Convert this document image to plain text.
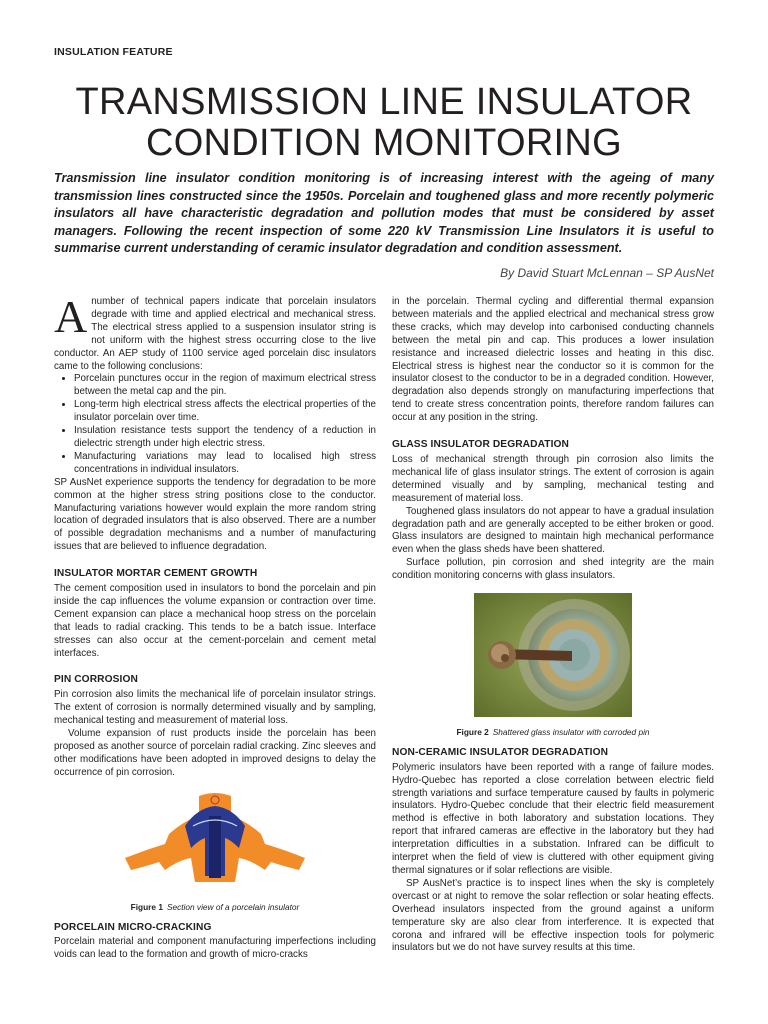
INSULATION FEATURE
TRANSMISSION LINE INSULATOR
CONDITION MONITORING

Transmission line insulator condition monitoring is of increasing interest with the ageing of many transmission lines constructed since the 1950s. Porcelain and toughened glass and more recently polymeric insulators all have characteristic degradation and pollution modes that must be considered by asset managers. Following the recent inspection of some 220 kV Transmission Line Insulators it is useful to summarise current understanding of ceramic insulator degradation and condition assessment.

By David Stuart McLennan – SP AusNet

Anumber of technical papers indicate that porcelain insulators degrade with time and applied electrical and mechanical stress. The electrical stress applied to a suspension insulator string is not uniform with the highest stress occurring close to the live conductor. An AEP study of 1100 service aged porcelain disc insulators came to the following conclusions:

• Porcelain punctures occur in the region of maximum electrical stress between the metal cap and the pin.
• Long-term high electrical stress affects the electrical properties of the insulator porcelain over time.
• Insulation resistance tests support the tendency of a reduction in dielectric strength under high electric stress.
• Manufacturing variations may lead to localised high stress concentrations in individual insulators.

SP AusNet experience supports the tendency for degradation to be more common at the higher stress string positions close to the conductor. Manufacturing variations however would explain the more random string location of degraded insulators that is also observed. There are a number of possible degradation mechanisms and a number of manufacturing issues that are believed to influence degradation.

INSULATOR MORTAR CEMENT GROWTH

The cement composition used in insulators to bond the porcelain and pin inside the cap influences the volume expansion or contraction over time. Cement expansion can place a mechanical hoop stress on the porcelain that leads to radial cracking. This tends to be a batch issue. Interface stresses can also occur at the cement-porcelain and cement metal interfaces.

PIN CORROSION

Pin corrosion also limits the mechanical life of porcelain insulator strings. The extent of corrosion is normally determined visually and by sampling, mechanical testing and measurement of material loss.

Volume expansion of rust products inside the porcelain has been proposed as another source of porcelain radial cracking. Zinc sleeves and other modifications have been adopted in improved designs to delay the occurrence of pin corrosion.

Figure 1 Section view of a porcelain insulator
PORCELAIN MICRO-CRACKING

Porcelain material and component manufacturing imperfections including voids can lead to the formation and growth of micro-cracks

in the porcelain. Thermal cycling and differential thermal expansion between materials and the applied electrical and mechanical stress grow these cracks, which may develop into carbonised conducting channels between the metal pin and cap. This produces a lower insulation resistance and increased dielectric losses and heating in this disc. Electrical stress is highest near the conductor so it is common for the insulator closest to the conductor to be in a degraded condition. However, degradation also depends strongly on manufacturing imperfections that tend to create stress concentration points, therefore random failures can occur at any position in the string.

GLASS INSULATOR DEGRADATION

Loss of mechanical strength through pin corrosion also limits the mechanical life of glass insulator strings. The extent of corrosion is again determined visually and by sampling, mechanical testing and measurement of material loss.

Toughened glass insulators do not appear to have a gradual insulation degradation path and are generally accepted to be either broken or good. Glass insulators are designed to maintain high mechanical performance even when the glass sheds have been shattered.

Surface pollution, pin corrosion and shed integrity are the main condition monitoring concerns with glass insulators.

Figure 2 Shattered glass insulator with corroded pin
NON-CERAMIC INSULATOR DEGRADATION

Polymeric insulators have been reported with a range of failure modes. Hydro-Quebec has reported a close correlation between electric field strength variations and surface temperature caused by faults in polymeric insulators. Hydro-Quebec conclude that their electric field measurement method is effective in both laboratory and substation locations. They report that infrared cameras are effective in the laboratory but they had interpretation difficulties in a substation. Infrared can be difficult to interpret when the field of view is cluttered with other equipment giving thermal signatures or if solar reflections are visible.

SP AusNet’s practice is to inspect lines when the sky is completely overcast or at night to remove the solar reflection or solar heating effects. Overhead insulators inspected from the ground against a uniform temperature sky are also clear from interference. It is expected that corona and infrared will be effective inspection tools for polymeric insulators but we do not have survey results at this time.
